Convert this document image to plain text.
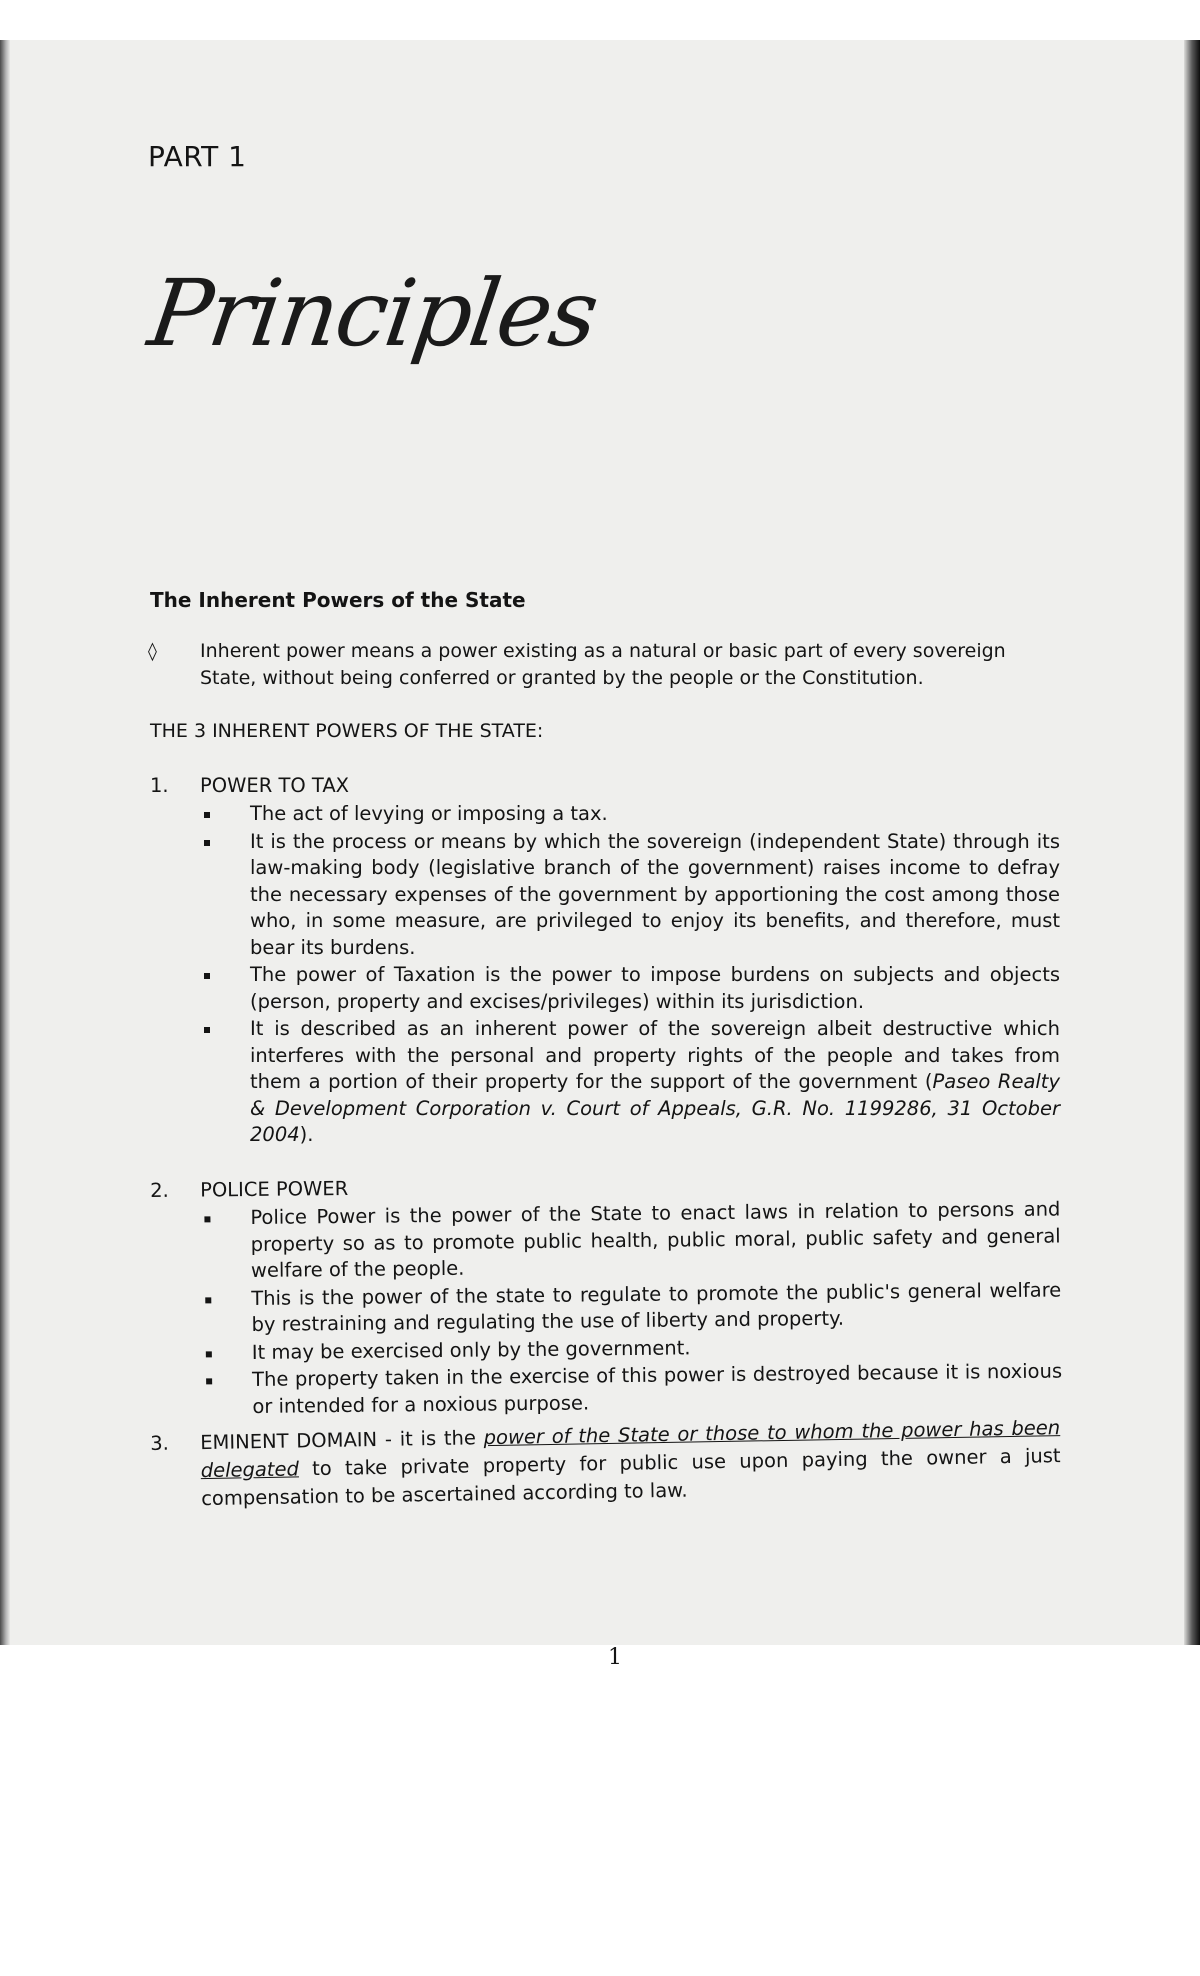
PART 1
Principles
The Inherent Powers of the State
◊	Inherent power means a power existing as a natural or basic part of every sovereign State, without being conferred or granted by the people or the Constitution.
THE 3 INHERENT POWERS OF THE STATE:
1.	POWER TO TAX
The act of levying or imposing a tax.
It is the process or means by which the sovereign (independent State) through its law-making body (legislative branch of the government) raises income to defray the necessary expenses of the government by apportioning the cost among those who, in some measure, are privileged to enjoy its benefits, and therefore, must bear its burdens.
The power of Taxation is the power to impose burdens on subjects and objects (person, property and excises/privileges) within its jurisdiction.
It is described as an inherent power of the sovereign albeit destructive which interferes with the personal and property rights of the people and takes from them a portion of their property for the support of the government (Paseo Realty & Development Corporation v. Court of Appeals, G.R. No. 1199286, 31 October 2004).
2.	POLICE POWER
Police Power is the power of the State to enact laws in relation to persons and property so as to promote public health, public moral, public safety and general welfare of the people.
This is the power of the state to regulate to promote the public's general welfare by restraining and regulating the use of liberty and property.
It may be exercised only by the government.
The property taken in the exercise of this power is destroyed because it is noxious or intended for a noxious purpose.
3.	EMINENT DOMAIN - it is the power of the State or those to whom the power has been delegated to take private property for public use upon paying the owner a just compensation to be ascertained according to law.
1
